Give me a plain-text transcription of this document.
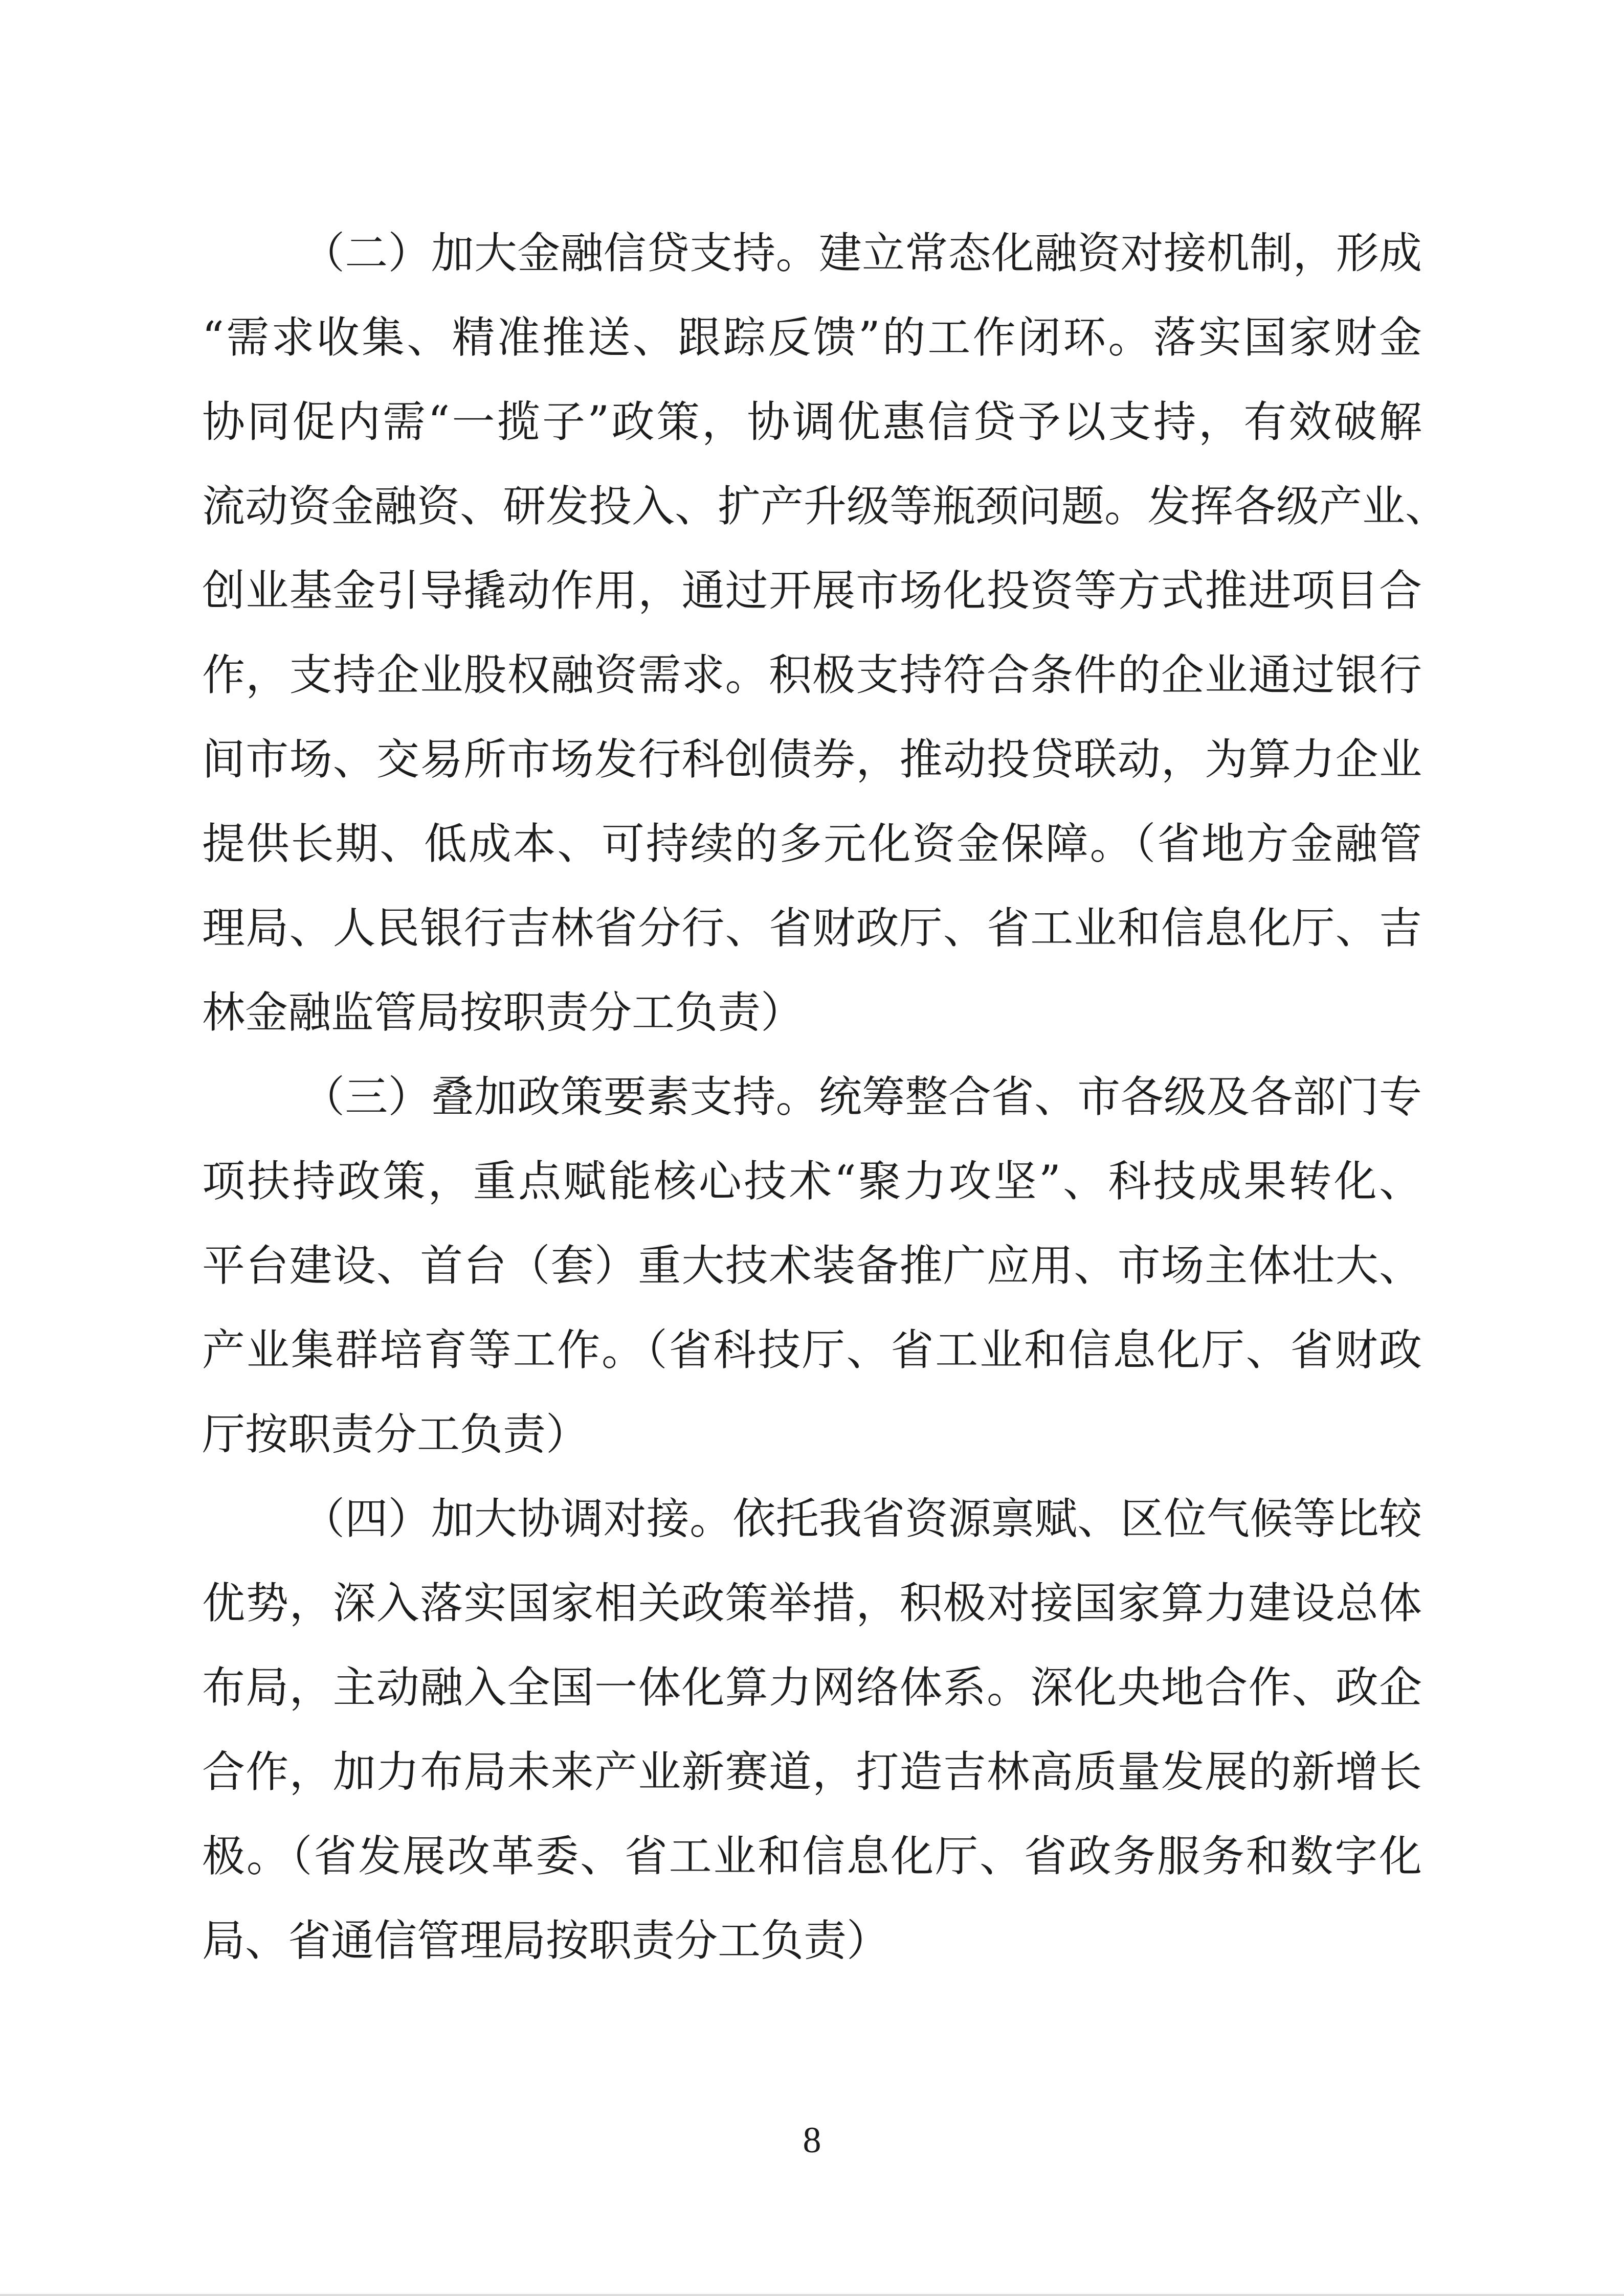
（二）加大金融信贷支持。建立常态化融资对接机制，形成
“需求收集、精准推送、跟踪反馈”的工作闭环。落实国家财金
协同促内需“一揽子”政策，协调优惠信贷予以支持，有效破解
流动资金融资、研发投入、扩产升级等瓶颈问题。发挥各级产业、
创业基金引导撬动作用，通过开展市场化投资等方式推进项目合
作，支持企业股权融资需求。积极支持符合条件的企业通过银行
间市场、交易所市场发行科创债券，推动投贷联动，为算力企业
提供长期、低成本、可持续的多元化资金保障。（省地方金融管
理局、人民银行吉林省分行、省财政厅、省工业和信息化厅、吉
林金融监管局按职责分工负责）
（三）叠加政策要素支持。统筹整合省、市各级及各部门专
项扶持政策，重点赋能核心技术“聚力攻坚”、科技成果转化、
平台建设、首台（套）重大技术装备推广应用、市场主体壮大、
产业集群培育等工作。（省科技厅、省工业和信息化厅、省财政
厅按职责分工负责）
（四）加大协调对接。依托我省资源禀赋、区位气候等比较
优势，深入落实国家相关政策举措，积极对接国家算力建设总体
布局，主动融入全国一体化算力网络体系。深化央地合作、政企
合作，加力布局未来产业新赛道，打造吉林高质量发展的新增长
极。（省发展改革委、省工业和信息化厅、省政务服务和数字化
局、省通信管理局按职责分工负责）
8
